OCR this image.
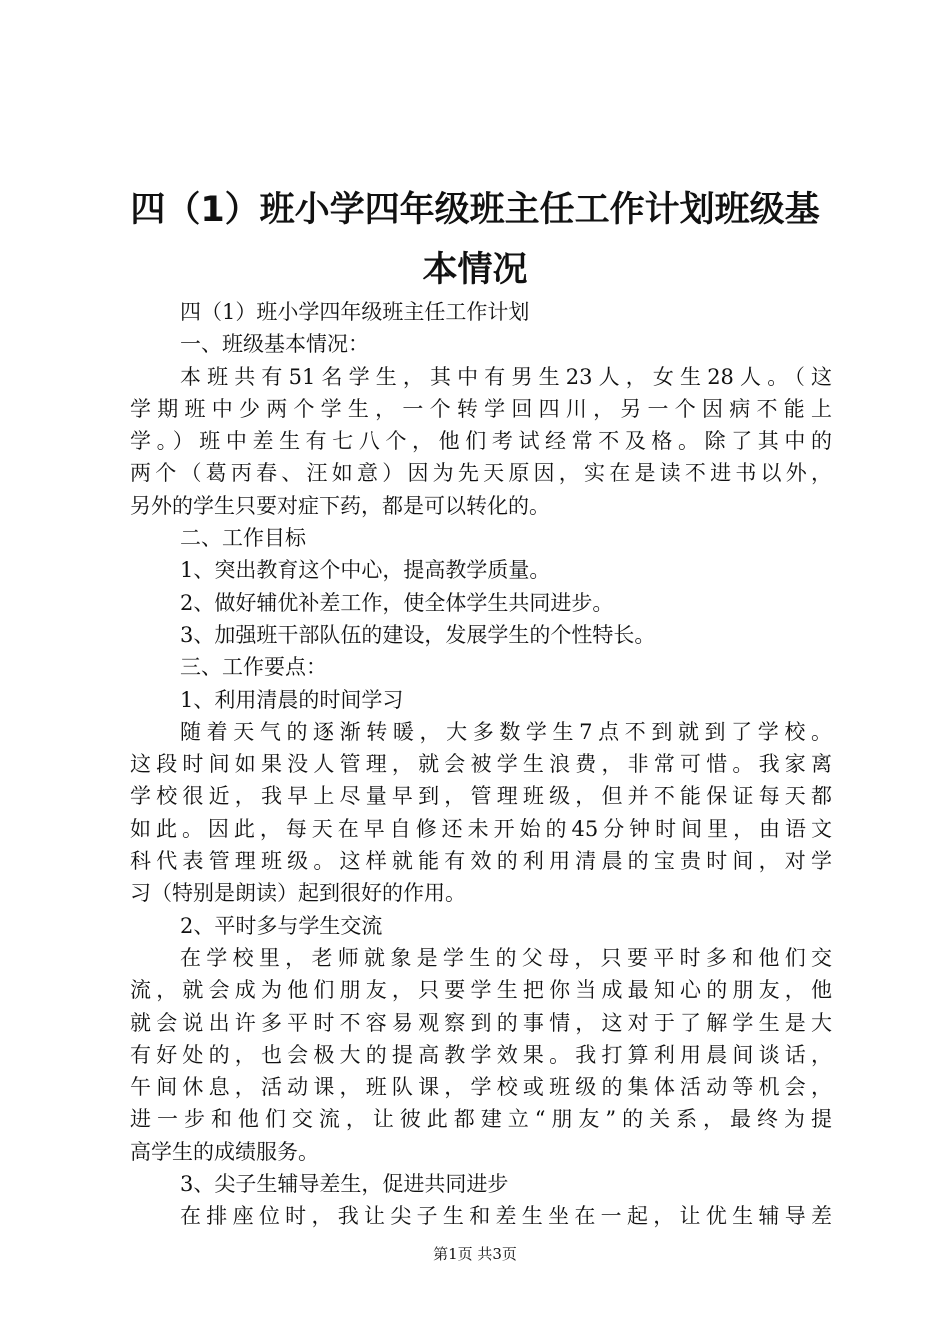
四（1）班小学四年级班主任工作计划班级基
本情况
四（1）班小学四年级班主任工作计划
一、班级基本情况：
本班共有51名学生，其中有男生23人，女生28人。（这
学期班中少两个学生，一个转学回四川，另一个因病不能上
学。）班中差生有七八个，他们考试经常不及格。除了其中的
两个（葛丙春、汪如意）因为先天原因，实在是读不进书以外，
另外的学生只要对症下药，都是可以转化的。
二、工作目标
1、突出教育这个中心，提高教学质量。
2、做好辅优补差工作，使全体学生共同进步。
3、加强班干部队伍的建设，发展学生的个性特长。
三、工作要点：
1、利用清晨的时间学习
随着天气的逐渐转暖，大多数学生7点不到就到了学校。
这段时间如果没人管理，就会被学生浪费，非常可惜。我家离
学校很近，我早上尽量早到，管理班级，但并不能保证每天都
如此。因此，每天在早自修还未开始的45分钟时间里，由语文
科代表管理班级。这样就能有效的利用清晨的宝贵时间，对学
习（特别是朗读）起到很好的作用。
2、平时多与学生交流
在学校里，老师就象是学生的父母，只要平时多和他们交
流，就会成为他们朋友，只要学生把你当成最知心的朋友，他
就会说出许多平时不容易观察到的事情，这对于了解学生是大
有好处的，也会极大的提高教学效果。我打算利用晨间谈话，
午间休息，活动课，班队课，学校或班级的集体活动等机会，
进一步和他们交流，让彼此都建立“朋友”的关系，最终为提
高学生的成绩服务。
3、尖子生辅导差生，促进共同进步
在排座位时，我让尖子生和差生坐在一起，让优生辅导差
第1页 共3页
